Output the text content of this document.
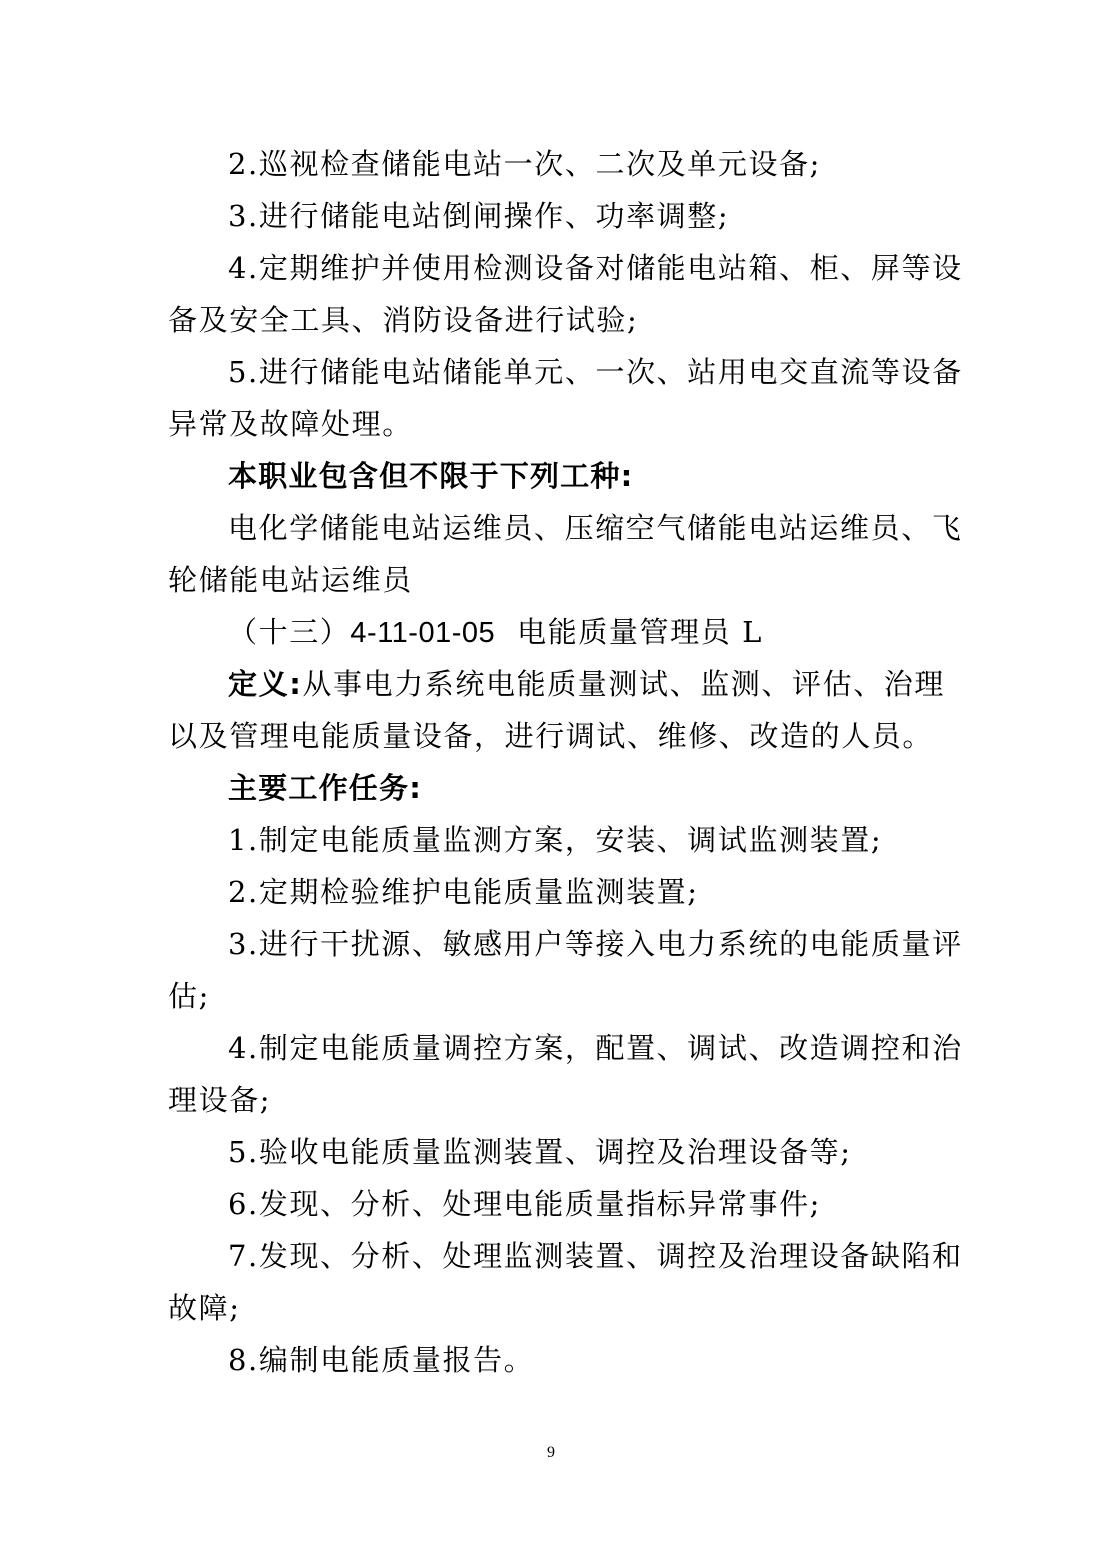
2.巡视检查储能电站一次、二次及单元设备;
3.进行储能电站倒闸操作、功率调整;
4.定期维护并使用检测设备对储能电站箱、柜、屏等设
备及安全工具、消防设备进行试验;
5.进行储能电站储能单元、一次、站用电交直流等设备
异常及故障处理。
本职业包含但不限于下列工种:
电化学储能电站运维员、压缩空气储能电站运维员、飞
轮储能电站运维员
（十三）4-11-01-05 电能质量管理员 L
定义:从事电力系统电能质量测试、监测、评估、治理
以及管理电能质量设备，进行调试、维修、改造的人员。
主要工作任务:
1.制定电能质量监测方案，安装、调试监测装置;
2.定期检验维护电能质量监测装置;
3.进行干扰源、敏感用户等接入电力系统的电能质量评
估;
4.制定电能质量调控方案，配置、调试、改造调控和治
理设备;
5.验收电能质量监测装置、调控及治理设备等;
6.发现、分析、处理电能质量指标异常事件;
7.发现、分析、处理监测装置、调控及治理设备缺陷和
故障;
8.编制电能质量报告。
9
